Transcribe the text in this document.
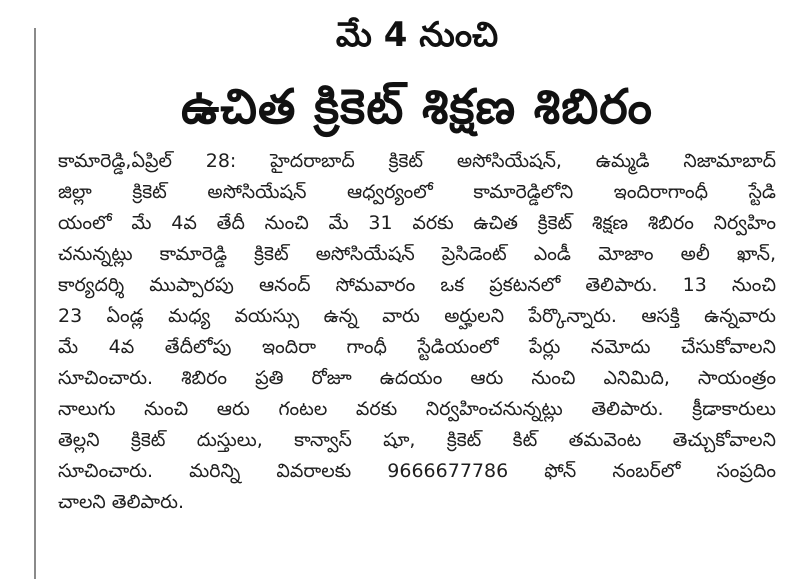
మే 4 నుంచి
ఉచిత క్రికెట్ శిక్షణ శిబిరం
కామారెడ్డి,ఏప్రిల్ 28: హైదరాబాద్ క్రికెట్ అసోసియేషన్, ఉమ్మడి నిజామాబాద్
జిల్లా క్రికెట్ అసోసియేషన్ ఆధ్వర్యంలో కామారెడ్డిలోని ఇందిరాగాంధీ స్టేడి
యంలో మే 4వ తేదీ నుంచి మే 31 వరకు ఉచిత క్రికెట్ శిక్షణ శిబిరం నిర్వహిం
చనున్నట్లు కామారెడ్డి క్రికెట్ అసోసియేషన్ ప్రెసిడెంట్ ఎండీ మోజాం అలీ ఖాన్,
కార్యదర్శి ముప్పారపు ఆనంద్ సోమవారం ఒక ప్రకటనలో తెలిపారు. 13 నుంచి
23 ఏండ్ల మధ్య వయస్సు ఉన్న వారు అర్హులని పేర్కొన్నారు. ఆసక్తి ఉన్నవారు
మే 4వ తేదీలోపు ఇందిరా గాంధీ స్టేడియంలో పేర్లు నమోదు చేసుకోవాలని
సూచించారు. శిబిరం ప్రతి రోజూ ఉదయం ఆరు నుంచి ఎనిమిది, సాయంత్రం
నాలుగు నుంచి ఆరు గంటల వరకు నిర్వహించనున్నట్లు తెలిపారు. క్రీడాకారులు
తెల్లని క్రికెట్ దుస్తులు, కాన్వాస్ షూ, క్రికెట్ కిట్ తమవెంట తెచ్చుకోవాలని
సూచించారు. మరిన్ని వివరాలకు 9666677786 ఫోన్ నంబర్‌లో సంప్రదిం
చాలని తెలిపారు.
